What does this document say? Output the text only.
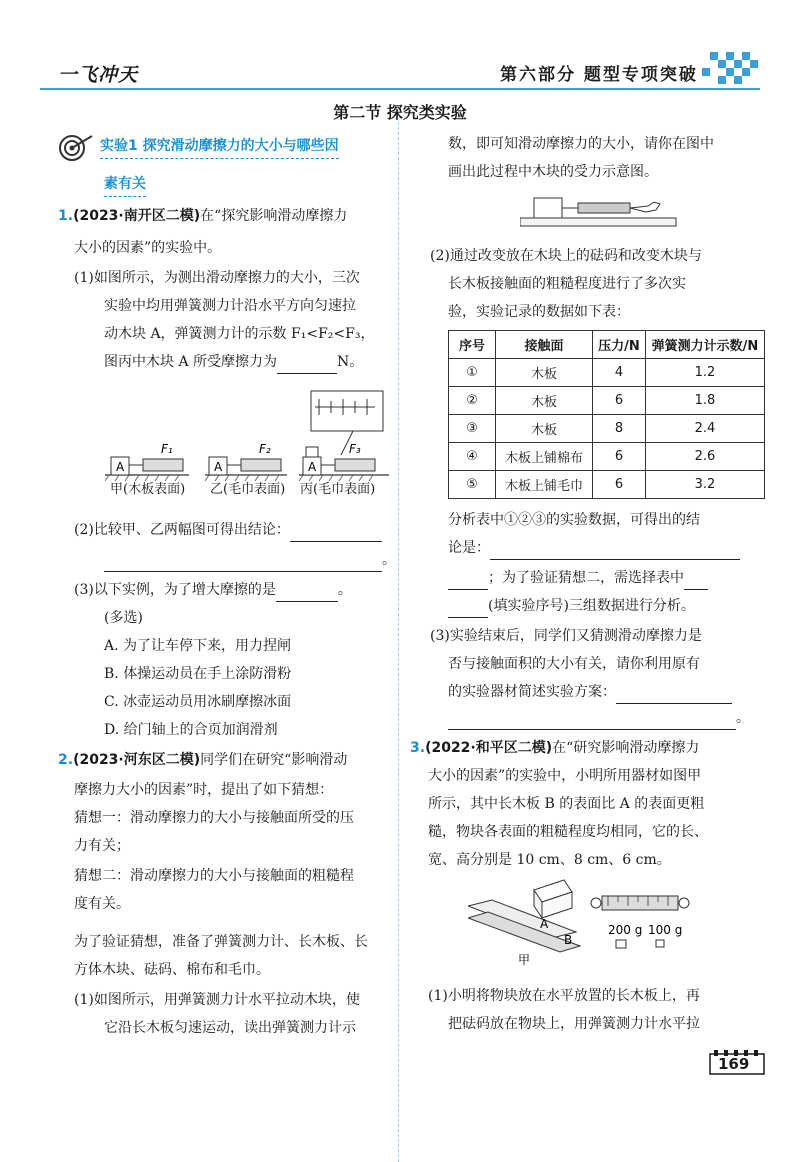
一飞冲天	第六部分 题型专项突破
第二节 探究类实验
实验1 探究滑动摩擦力的大小与哪些因
素有关
1.(2023·南开区二模)在“探究影响滑动摩擦力
大小的因素”的实验中。
(1)如图所示，为测出滑动摩擦力的大小，三次
实验中均用弹簧测力计沿水平方向匀速拉
动木块 A，弹簧测力计的示数 F₁<F₂<F₃，
图丙中木块 A 所受摩擦力为	N。
A	A	A
F₁	F₂	F₃
甲(木板表面) 乙(毛巾表面) 丙(毛巾表面)
(2)比较甲、乙两幅图可得出结论：
。
(3)以下实例，为了增大摩擦的是	。
(多选)
A. 为了让车停下来，用力捏闸
B. 体操运动员在手上涂防滑粉
C. 冰壶运动员用冰刷摩擦冰面
D. 给门轴上的合页加润滑剂
2.(2023·河东区二模)同学们在研究“影响滑动
摩擦力大小的因素”时，提出了如下猜想：
猜想一：滑动摩擦力的大小与接触面所受的压
力有关；
猜想二：滑动摩擦力的大小与接触面的粗糙程
度有关。
为了验证猜想，准备了弹簧测力计、长木板、长
方体木块、砝码、棉布和毛巾。
(1)如图所示，用弹簧测力计水平拉动木块，使
它沿长木板匀速运动，读出弹簧测力计示
数，即可知滑动摩擦力的大小，请你在图中
画出此过程中木块的受力示意图。
(2)通过改变放在木块上的砝码和改变木块与
长木板接触面的粗糙程度进行了多次实
验，实验记录的数据如下表：
序号	接触面	压力/N	弹簧测力计示数/N
①	木板	4	1.2
②	木板	6	1.8
③	木板	8	2.4
④	木板上铺棉布	6	2.6
⑤	木板上铺毛巾	6	3.2
分析表中①②③的实验数据，可得出的结
论是：
；为了验证猜想二，需选择表中
(填实验序号)三组数据进行分析。
(3)实验结束后，同学们又猜测滑动摩擦力是
否与接触面积的大小有关，请你利用原有
的实验器材简述实验方案：
。
3.(2022·和平区二模)在“研究影响滑动摩擦力
大小的因素”的实验中，小明所用器材如图甲
所示，其中长木板 B 的表面比 A 的表面更粗
糙，物块各表面的粗糙程度均相同，它的长、
宽、高分别是 10 cm、8 cm、6 cm。
A
B
200 g 100 g
甲
(1)小明将物块放在水平放置的长木板上，再
把砝码放在物块上，用弹簧测力计水平拉
169
